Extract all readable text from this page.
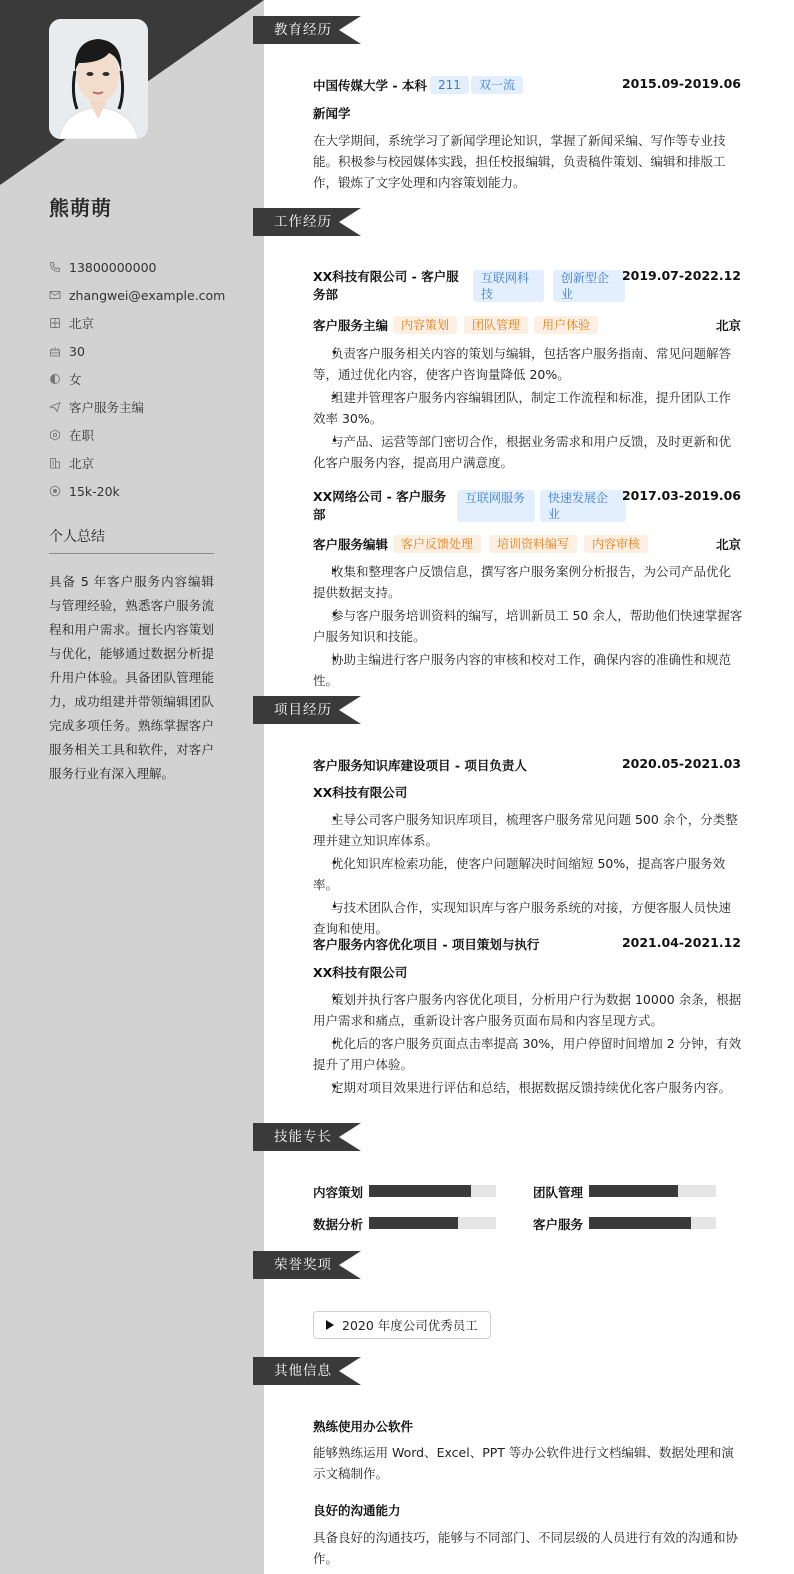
熊萌萌
13800000000
zhangwei@example.com
北京
30
女
客户服务主编
在职
北京
15k-20k
个人总结
具备 5 年客户服务内容编辑与管理经验，熟悉客户服务流程和用户需求。擅长内容策划与优化，能够通过数据分析提升用户体验。具备团队管理能力，成功组建并带领编辑团队完成多项任务。熟练掌握客户服务相关工具和软件，对客户服务行业有深入理解。
教育经历
中国传媒大学 - 本科 211	双一流	2015.09-2019.06
新闻学
在大学期间，系统学习了新闻学理论知识，掌握了新闻采编、写作等专业技能。积极参与校园媒体实践，担任校报编辑，负责稿件策划、编辑和排版工作，锻炼了文字处理和内容策划能力。
工作经历
XX科技有限公司 - 客户服务部
互联网科技
创新型企业
2019.07-2022.12
客户服务主编	内容策划	团队管理	用户体验	北京
• 负责客户服务相关内容的策划与编辑，包括客户服务指南、常见问题解答等，通过优化内容，使客户咨询量降低 20%。
• 组建并管理客户服务内容编辑团队，制定工作流程和标准，提升团队工作效率 30%。
• 与产品、运营等部门密切合作，根据业务需求和用户反馈，及时更新和优化客户服务内容，提高用户满意度。
XX网络公司 - 客户服务部
互联网服务	快速发展企业
2017.03-2019.06
客户服务编辑	客户反馈处理	培训资料编写	内容审核	北京
• 收集和整理客户反馈信息，撰写客户服务案例分析报告，为公司产品优化提供数据支持。
• 参与客户服务培训资料的编写，培训新员工 50 余人，帮助他们快速掌握客户服务知识和技能。
• 协助主编进行客户服务内容的审核和校对工作，确保内容的准确性和规范性。
项目经历
客户服务知识库建设项目 - 项目负责人	2020.05-2021.03
XX科技有限公司
• 主导公司客户服务知识库项目，梳理客户服务常见问题 500 余个，分类整理并建立知识库体系。
• 优化知识库检索功能，使客户问题解决时间缩短 50%，提高客户服务效率。
• 与技术团队合作，实现知识库与客户服务系统的对接，方便客服人员快速查询和使用。
客户服务内容优化项目 - 项目策划与执行	2021.04-2021.12
XX科技有限公司
• 策划并执行客户服务内容优化项目，分析用户行为数据 10000 余条，根据用户需求和痛点，重新设计客户服务页面布局和内容呈现方式。
• 优化后的客户服务页面点击率提高 30%，用户停留时间增加 2 分钟，有效提升了用户体验。
• 定期对项目效果进行评估和总结，根据数据反馈持续优化客户服务内容。
技能专长
内容策划	团队管理
数据分析	客户服务
荣誉奖项
2020 年度公司优秀员工
其他信息
熟练使用办公软件
能够熟练运用 Word、Excel、PPT 等办公软件进行文档编辑、数据处理和演示文稿制作。
良好的沟通能力
具备良好的沟通技巧，能够与不同部门、不同层级的人员进行有效的沟通和协作。
